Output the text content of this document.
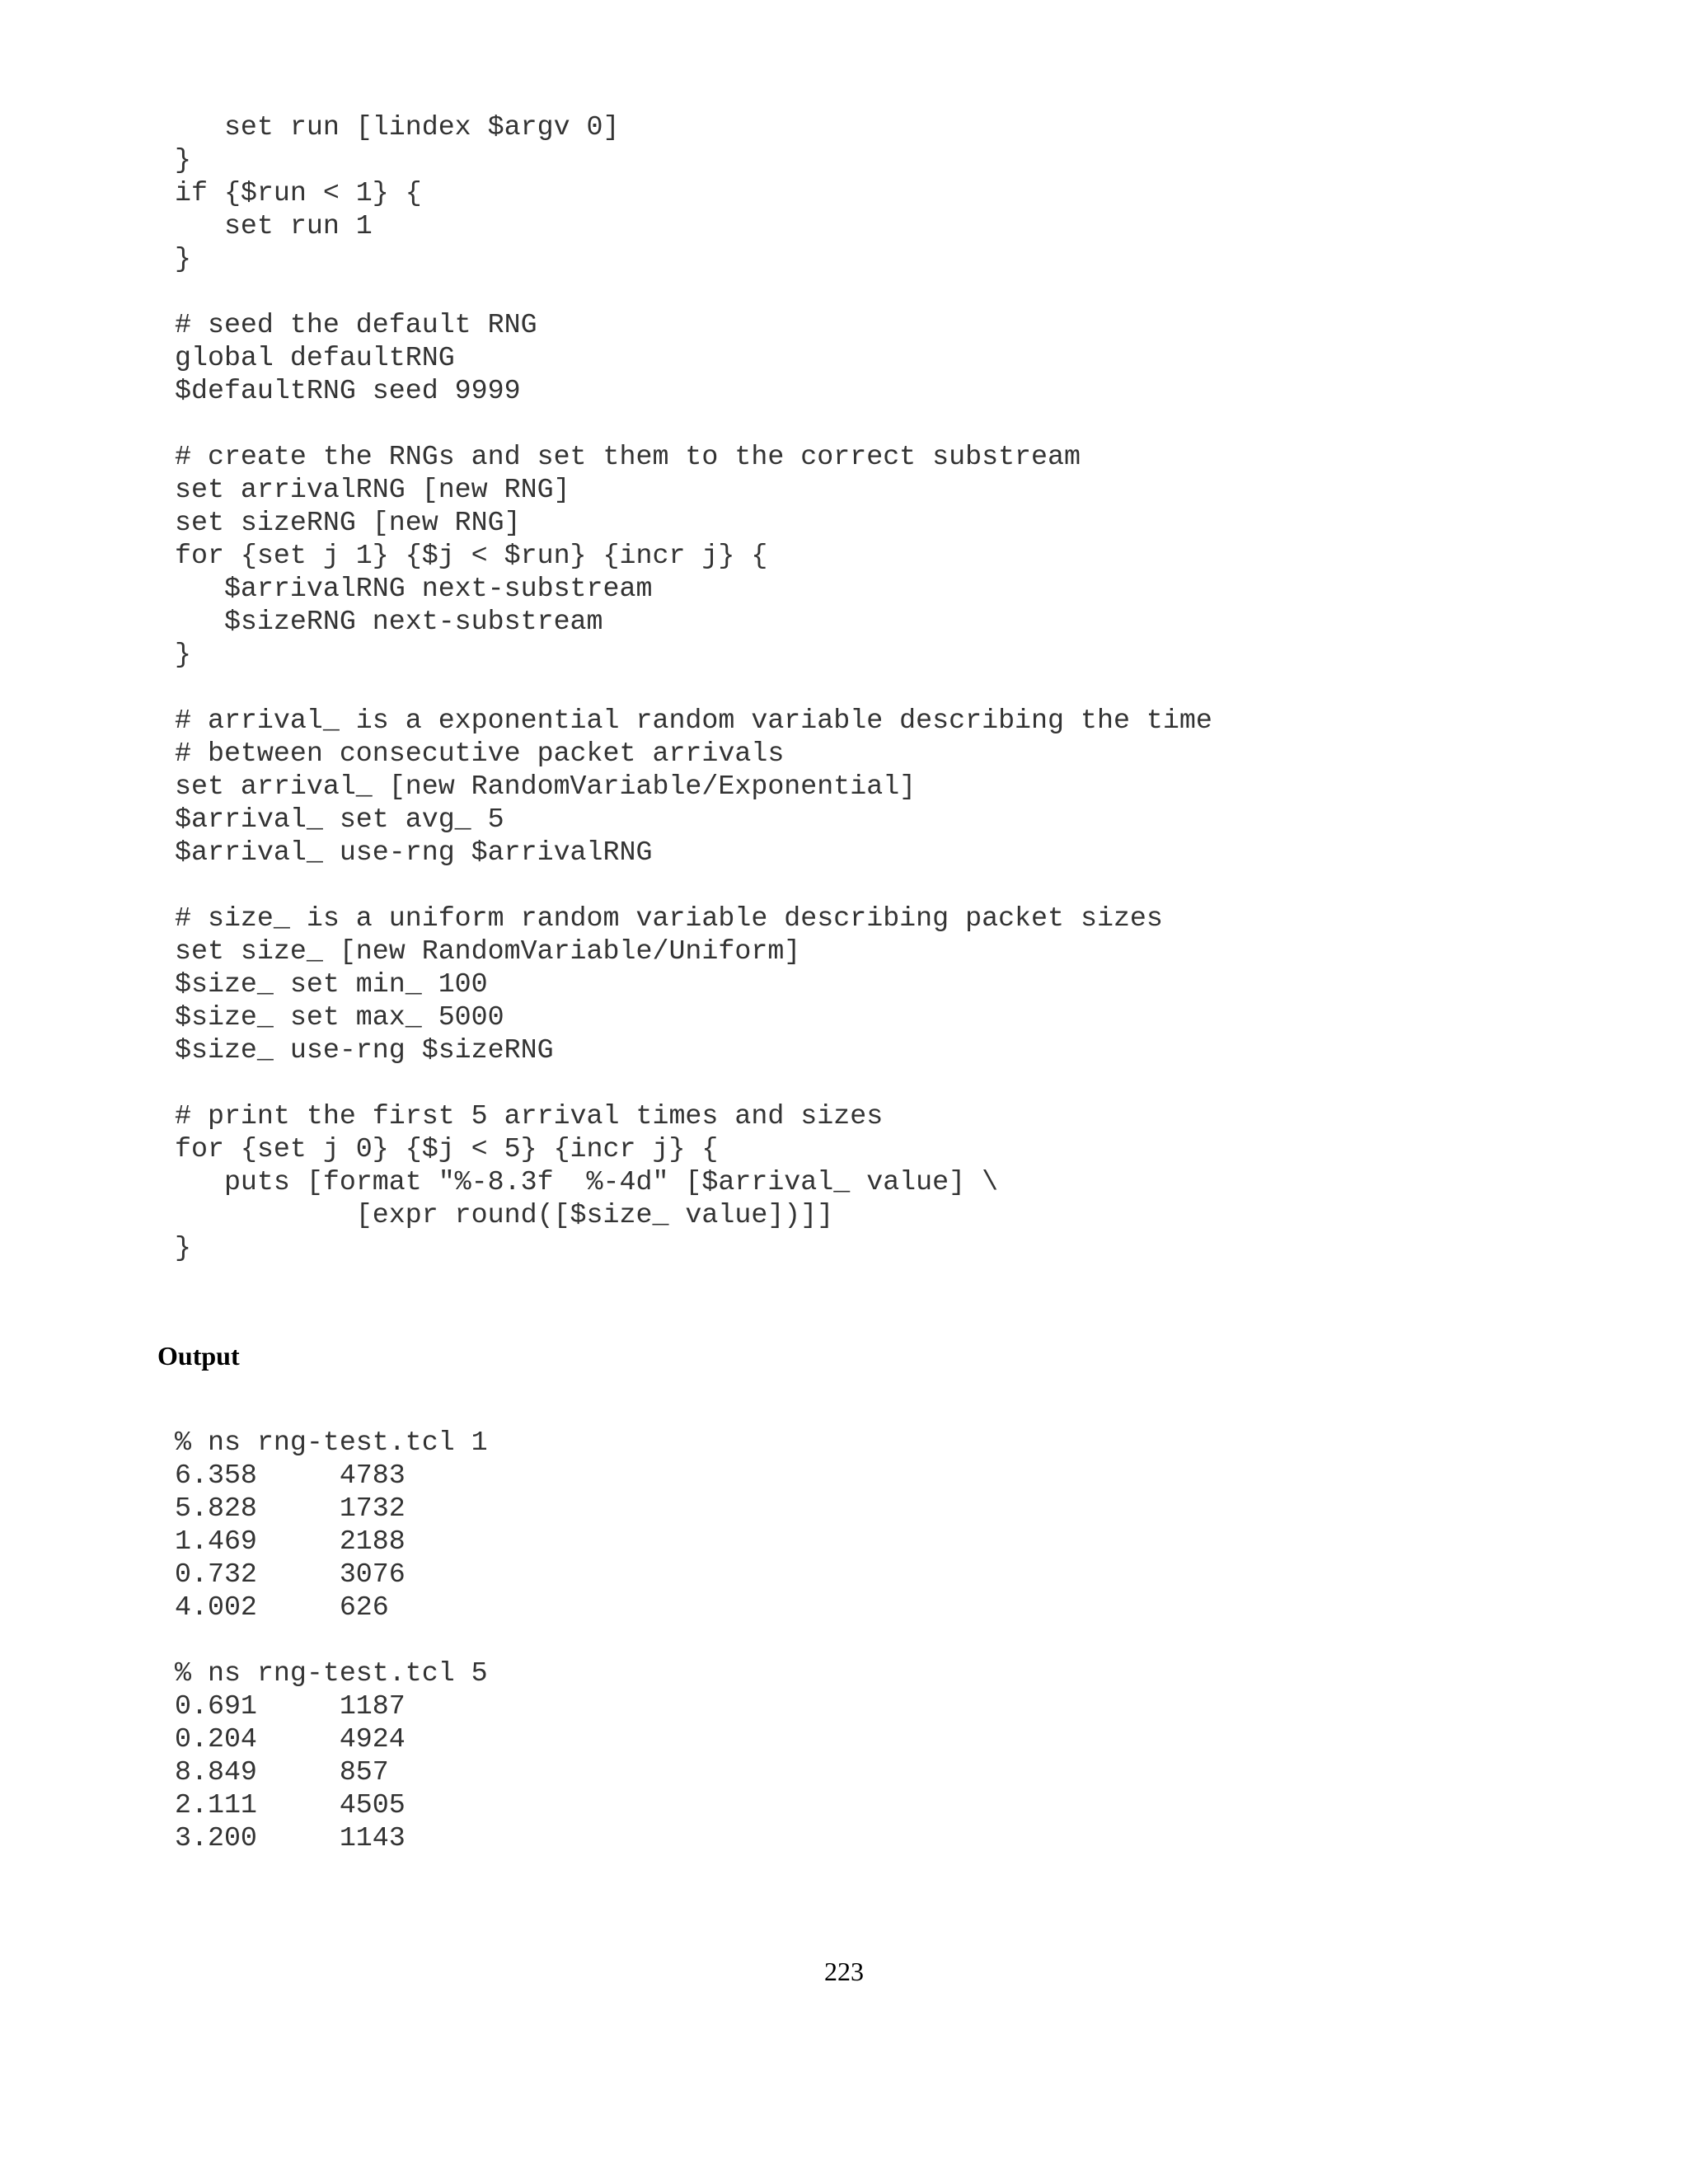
set run [lindex $argv 0]
}
if {$run < 1} {
set run 1
}
# seed the default RNG
global defaultRNG
$defaultRNG seed 9999
# create the RNGs and set them to the correct substream
set arrivalRNG [new RNG]
set sizeRNG [new RNG]
for {set j 1} {$j < $run} {incr j} {
$arrivalRNG next-substream
$sizeRNG next-substream
}
# arrival_ is a exponential random variable describing the time
# between consecutive packet arrivals
set arrival_ [new RandomVariable/Exponential]
$arrival_ set avg_ 5
$arrival_ use-rng $arrivalRNG
# size_ is a uniform random variable describing packet sizes
set size_ [new RandomVariable/Uniform]
$size_ set min_ 100
$size_ set max_ 5000
$size_ use-rng $sizeRNG
# print the first 5 arrival times and sizes
for {set j 0} {$j < 5} {incr j} {
puts [format "%-8.3f  %-4d" [$arrival_ value] \
[expr round([$size_ value])]]
}
Output
% ns rng-test.tcl 1
6.358     4783
5.828     1732
1.469     2188
0.732     3076
4.002     626
% ns rng-test.tcl 5
0.691     1187
0.204     4924
8.849     857
2.111     4505
3.200     1143
223
